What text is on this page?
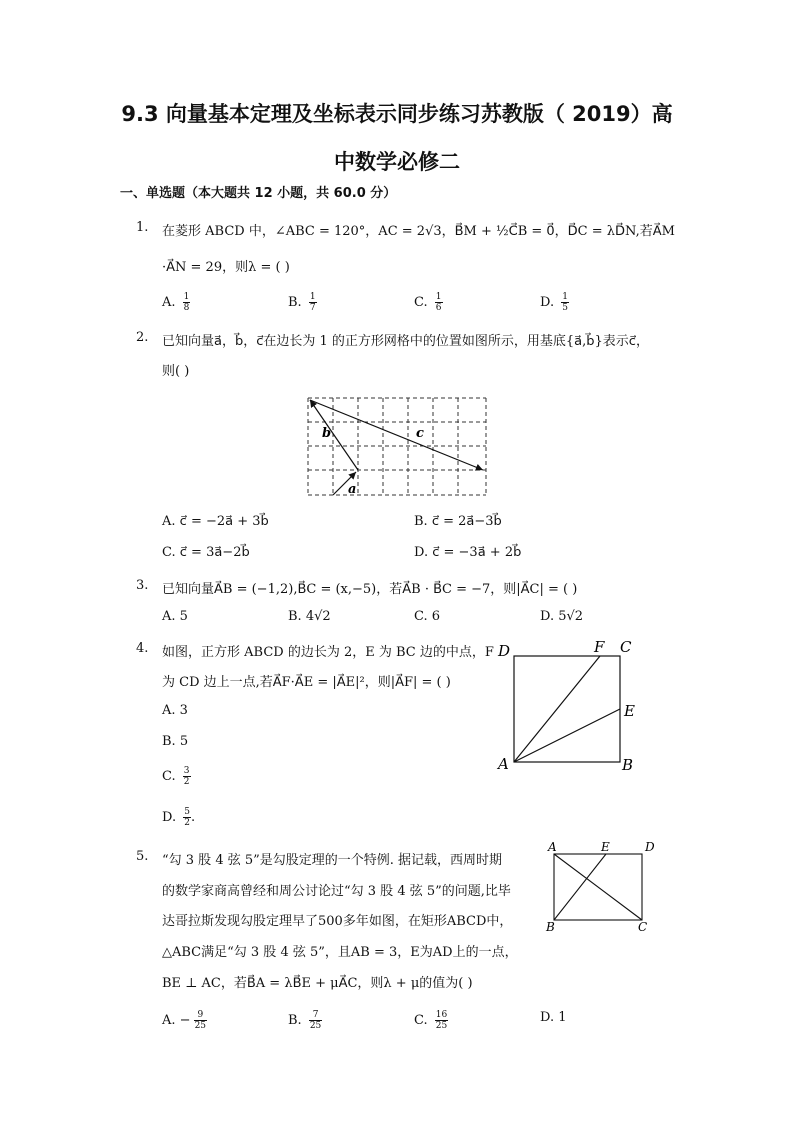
9.3 向量基本定理及坐标表示同步练习苏教版（ 2019）高
中数学必修二
一、单选题（本大题共 12 小题，共 60.0 分）
1. 在菱形 ABCD 中，∠ABC = 120°，AC = 2√3，B⃗M + ½C⃗B = 0⃗，D⃗C = λD⃗N,若A⃗M
·A⃗N = 29，则λ = ( )
A. $\frac{1}{8}$	B. $\frac{1}{7}$	C. $\frac{1}{6}$	D. $\frac{1}{5}$
2. 已知向量a⃗，b⃗，c⃗在边长为 1 的正方形网格中的位置如图所示，用基底{a⃗,b⃗}表示c⃗，
则( )
b	c
a
A. c⃗ = −2a⃗ + 3b⃗	B. c⃗ = 2a⃗−3b⃗
C. c⃗ = 3a⃗−2b⃗	D. c⃗ = −3a⃗ + 2b⃗
3. 已知向量A⃗B = (−1,2),B⃗C = (x,−5)，若A⃗B · B⃗C = −7，则|A⃗C| = ( )
A. 5	B. 4√2	C. 6	D. 5√2
4. 如图，正方形 ABCD 的边长为 2，E 为 BC 边的中点，F
为 CD 边上一点,若A⃗F·A⃗E = |A⃗E|²，则|A⃗F| = ( )
D	F C
E
A	B
A. 3
B. 5
C. $\frac{3}{2}$
D. $\frac{5}{2}$ .
5. “勾 3 股 4 弦 5”是勾股定理的一个特例. 据记载，西周时期
的数学家商高曾经和周公讨论过“勾 3 股 4 弦 5”的问题,比毕
达哥拉斯发现勾股定理早了500多年如图，在矩形ABCD中，
△ABC满足“勾 3 股 4 弦 5”，且AB = 3，E为AD上的一点，
BE ⊥ AC，若B⃗A = λB⃗E + μA⃗C，则λ + μ的值为( )
A	E	D
B	C
A. − $\frac{9}{25}$	B. $\frac{7}{25}$	C. $\frac{16}{25}$	D. 1
